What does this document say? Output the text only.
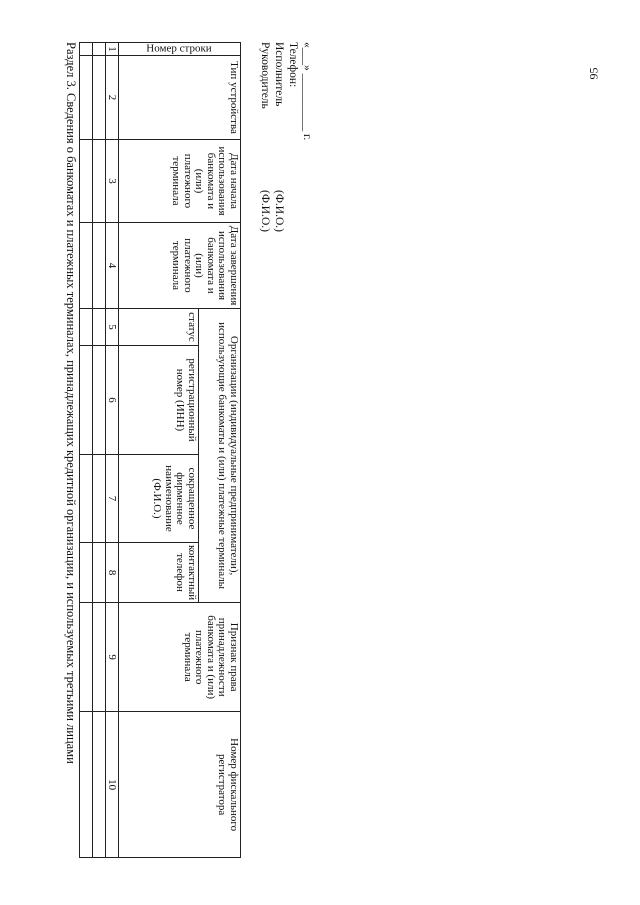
95
Раздел 3. Сведения о банкоматах и платежных терминалах, принадлежащих кредитной организации, и используемых третьими лицами	Номер строки	Тип устройства	Дата начала использования банкомата и (или) платежного терминала	Дата завершения использования банкомата и (или) платежного терминала	Организации (индивидуальные предприниматели), использующие банкоматы и (или) платежные терминалы				Признак права принадлежности банкомата и (или) платежного терминала	Номер фискального регистратора
				статус	регистрационный номер (ИНН)	сокращенное фирменное наименование (Ф.И.О.)	контактный телефон		
1	2	3	4	5	6	7	8	9	10

Руководитель
(Ф.И.О.)
Исполнитель
(Ф.И.О.)
Телефон: «___» __________ г.
